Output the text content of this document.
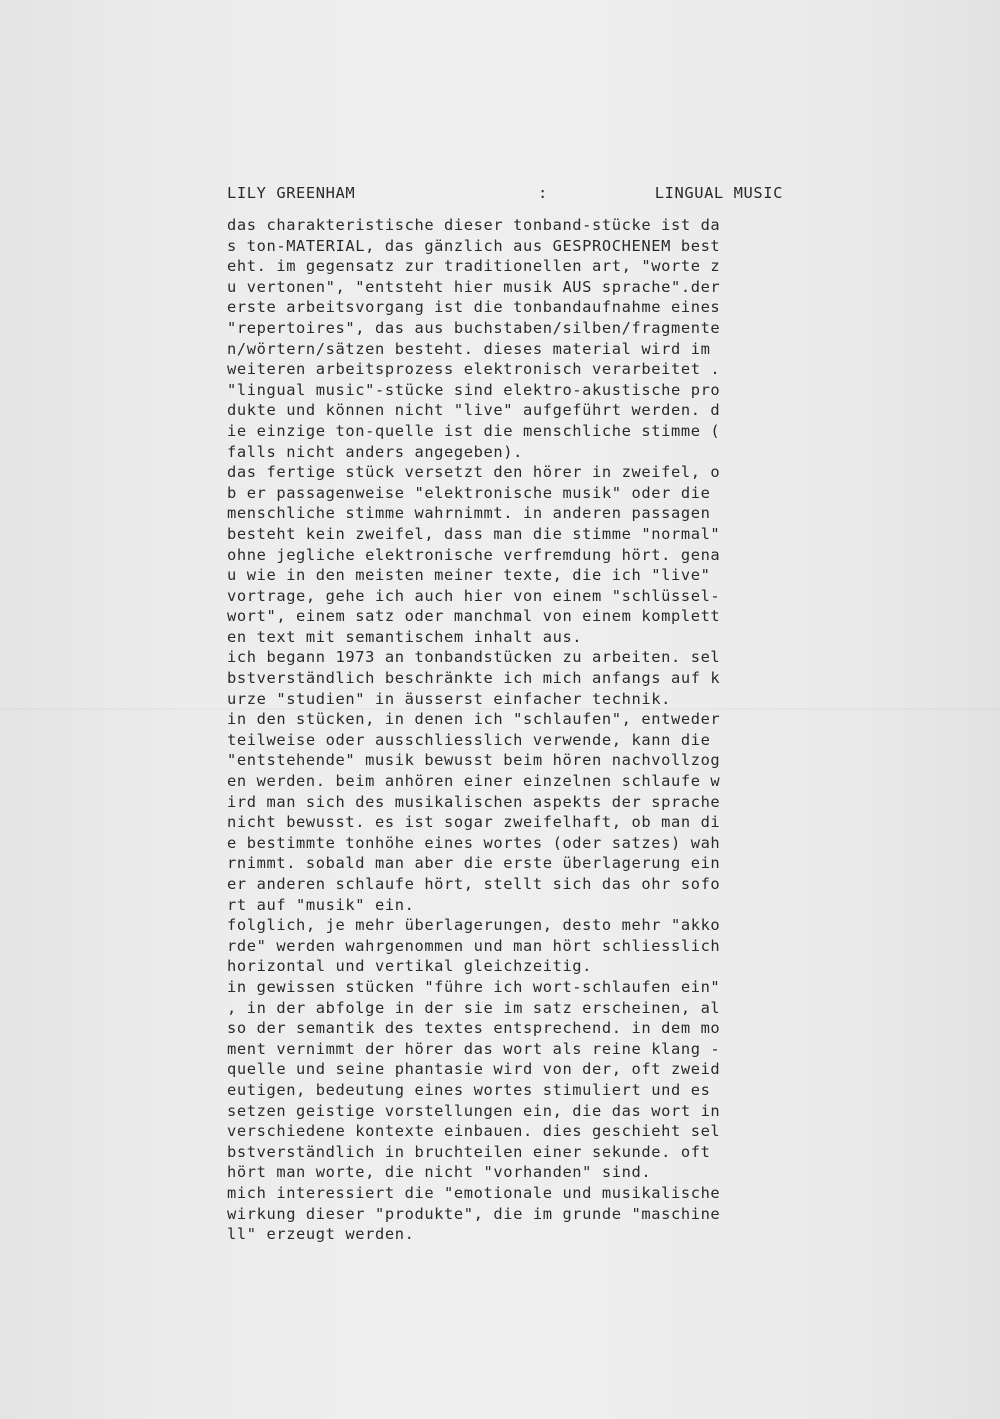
LILY GREENHAM	:	LINGUAL MUSIC
das charakteristische dieser tonband-stücke ist da
s ton-MATERIAL, das gänzlich aus GESPROCHENEM best
eht. im gegensatz zur traditionellen art, "worte z
u vertonen", "entsteht hier musik AUS sprache".der
erste arbeitsvorgang ist die tonbandaufnahme eines
"repertoires", das aus buchstaben/silben/fragmente
n/wörtern/sätzen besteht. dieses material wird im
weiteren arbeitsprozess elektronisch verarbeitet .
"lingual music"-stücke sind elektro-akustische pro
dukte und können nicht "live" aufgeführt werden. d
ie einzige ton-quelle ist die menschliche stimme (
falls nicht anders angegeben).
das fertige stück versetzt den hörer in zweifel, o
b er passagenweise "elektronische musik" oder die
menschliche stimme wahrnimmt. in anderen passagen
besteht kein zweifel, dass man die stimme "normal"
ohne jegliche elektronische verfremdung hört. gena
u wie in den meisten meiner texte, die ich "live"
vortrage, gehe ich auch hier von einem "schlüssel-
wort", einem satz oder manchmal von einem komplett
en text mit semantischem inhalt aus.
ich begann 1973 an tonbandstücken zu arbeiten. sel
bstverständlich beschränkte ich mich anfangs auf k
urze "studien" in äusserst einfacher technik.
in den stücken, in denen ich "schlaufen", entweder
teilweise oder ausschliesslich verwende, kann die
"entstehende" musik bewusst beim hören nachvollzog
en werden. beim anhören einer einzelnen schlaufe w
ird man sich des musikalischen aspekts der sprache
nicht bewusst. es ist sogar zweifelhaft, ob man di
e bestimmte tonhöhe eines wortes (oder satzes) wah
rnimmt. sobald man aber die erste überlagerung ein
er anderen schlaufe hört, stellt sich das ohr sofo
rt auf "musik" ein.
folglich, je mehr überlagerungen, desto mehr "akko
rde" werden wahrgenommen und man hört schliesslich
horizontal und vertikal gleichzeitig.
in gewissen stücken "führe ich wort-schlaufen ein"
, in der abfolge in der sie im satz erscheinen, al
so der semantik des textes entsprechend. in dem mo
ment vernimmt der hörer das wort als reine klang -
quelle und seine phantasie wird von der, oft zweid
eutigen, bedeutung eines wortes stimuliert und es
setzen geistige vorstellungen ein, die das wort in
verschiedene kontexte einbauen. dies geschieht sel
bstverständlich in bruchteilen einer sekunde. oft
hört man worte, die nicht "vorhanden" sind.
mich interessiert die "emotionale und musikalische
wirkung dieser "produkte", die im grunde "maschine
ll" erzeugt werden.
